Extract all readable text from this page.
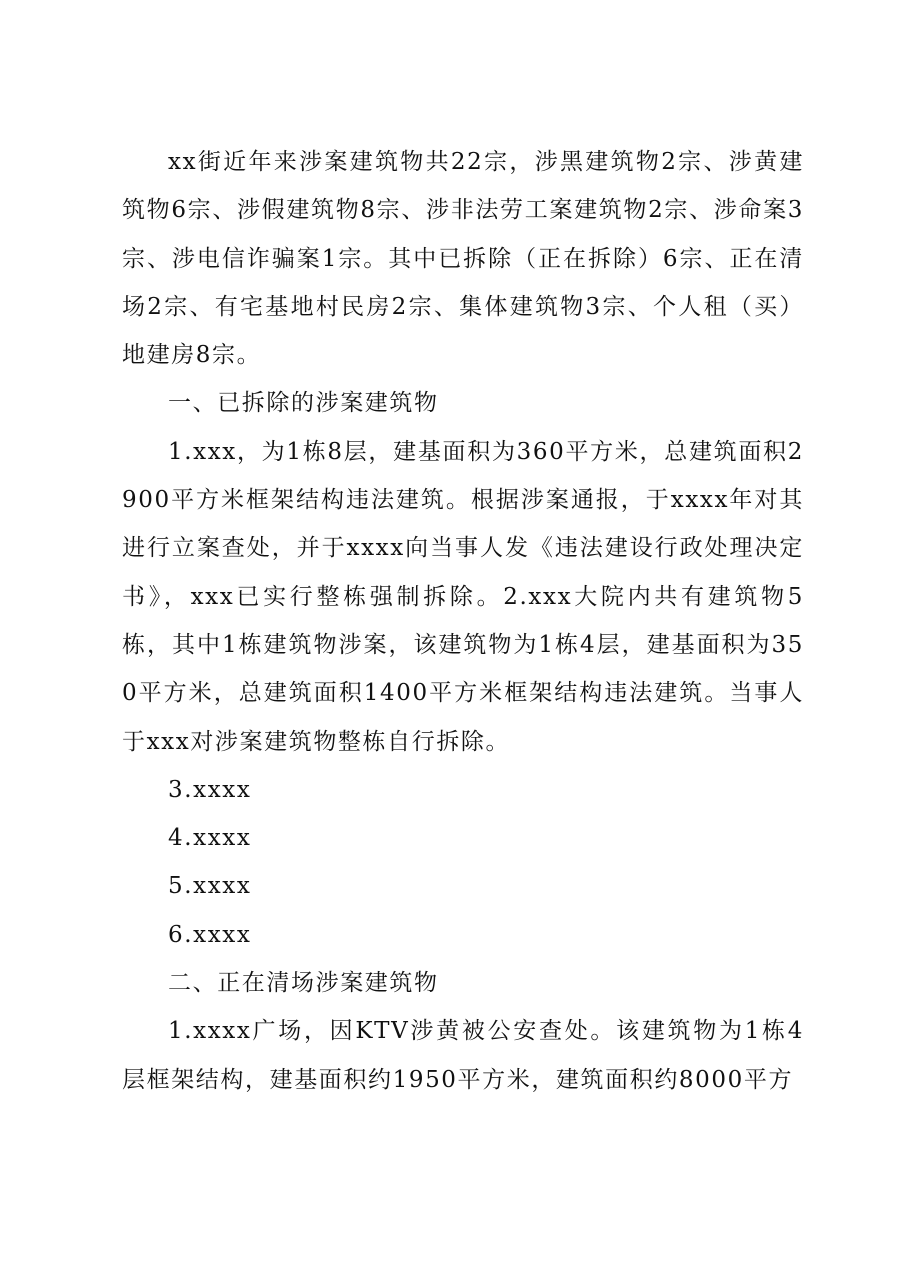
xx街近年来涉案建筑物共22宗，涉黑建筑物2宗、涉黄建筑物6宗、涉假建筑物8宗、涉非法劳工案建筑物2宗、涉命案3宗、涉电信诈骗案1宗。其中已拆除（正在拆除）6宗、正在清场2宗、有宅基地村民房2宗、集体建筑物3宗、个人租（买）地建房8宗。

一、已拆除的涉案建筑物

1.xxx，为1栋8层，建基面积为360平方米，总建筑面积2900平方米框架结构违法建筑。根据涉案通报，于xxxx年对其进行立案查处，并于xxxx向当事人发《违法建设行政处理决定书》，xxx已实行整栋强制拆除。2.xxx大院内共有建筑物5栋，其中1栋建筑物涉案，该建筑物为1栋4层，建基面积为350平方米，总建筑面积1400平方米框架结构违法建筑。当事人于xxx对涉案建筑物整栋自行拆除。

3.xxxx

4.xxxx

5.xxxx

6.xxxx

二、正在清场涉案建筑物

1.xxxx广场，因KTV涉黄被公安查处。该建筑物为1栋4层框架结构，建基面积约1950平方米，建筑面积约8000平方
